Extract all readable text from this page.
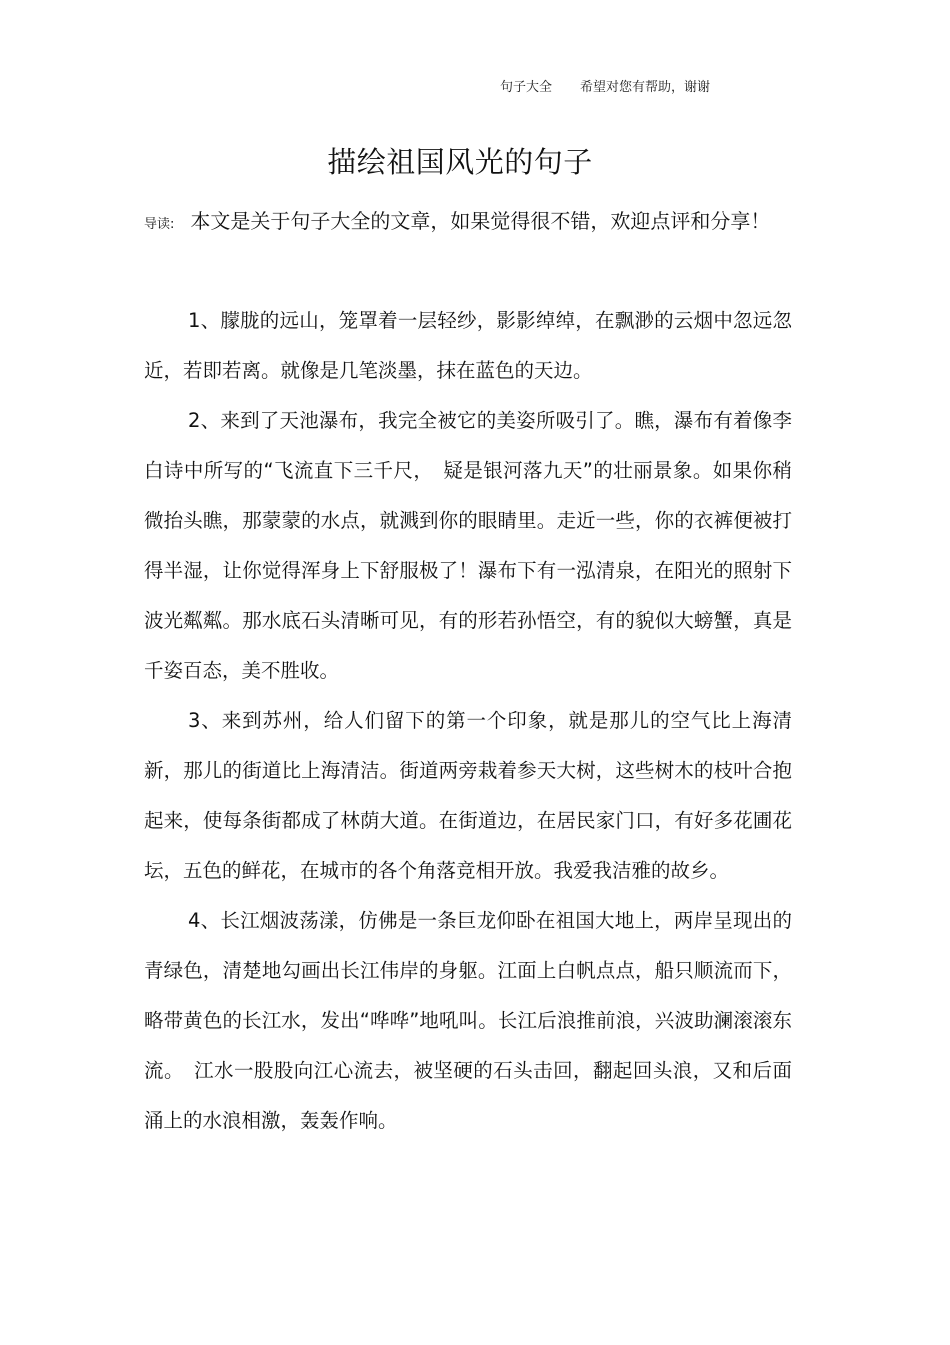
句子大全 希望对您有帮助，谢谢
描绘祖国风光的句子
导读: 本文是关于句子大全的文章，如果觉得很不错，欢迎点评和分享！

1、朦胧的远山，笼罩着一层轻纱，影影绰绰，在飘渺的云烟中忽远忽近，若即若离。就像是几笔淡墨，抹在蓝色的天边。

2、来到了天池瀑布，我完全被它的美姿所吸引了。瞧，瀑布有着像李白诗中所写的“飞流直下三千尺，　疑是银河落九天”的壮丽景象。如果你稍微抬头瞧，那蒙蒙的水点，就溅到你的眼睛里。走近一些，你的衣裤便被打得半湿，让你觉得浑身上下舒服极了！瀑布下有一泓清泉，在阳光的照射下波光粼粼。那水底石头清晰可见，有的形若孙悟空，有的貌似大螃蟹，真是千姿百态，美不胜收。

3、来到苏州，给人们留下的第一个印象，就是那儿的空气比上海清新，那儿的街道比上海清洁。街道两旁栽着参天大树，这些树木的枝叶合抱起来，使每条街都成了林荫大道。在街道边，在居民家门口，有好多花圃花坛，五色的鲜花，在城市的各个角落竞相开放。我爱我洁雅的故乡。

4、长江烟波荡漾，仿佛是一条巨龙仰卧在祖国大地上，两岸呈现出的青绿色，清楚地勾画出长江伟岸的身躯。江面上白帆点点，船只顺流而下，略带黄色的长江水，发出“哗哗”地吼叫。长江后浪推前浪，兴波助澜滚滚东流。　江水一股股向江心流去，被坚硬的石头击回，翻起回头浪，又和后面涌上的水浪相激，轰轰作响。
